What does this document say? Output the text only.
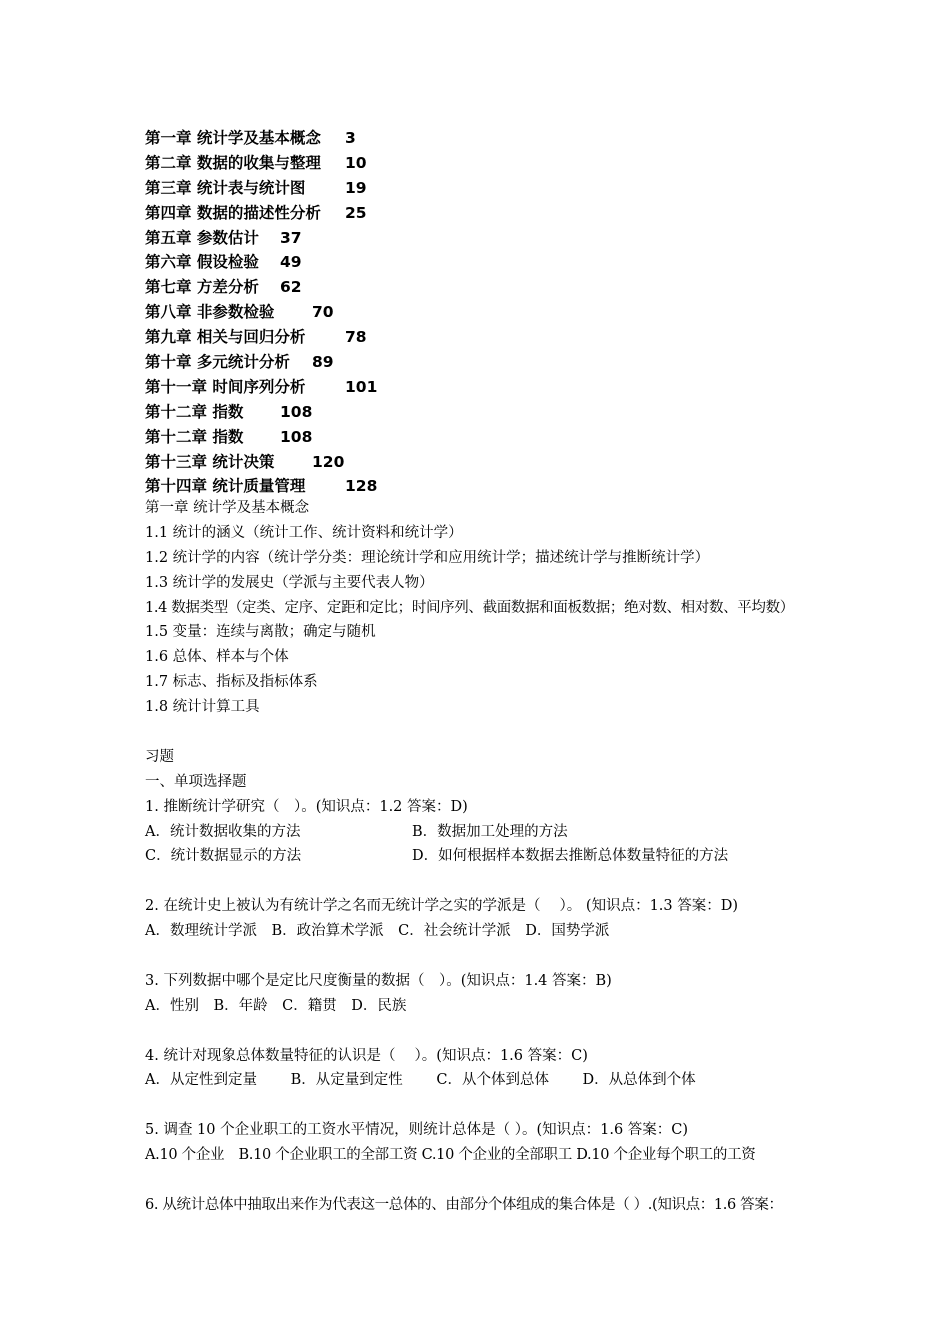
第一章 统计学及基本概念 3
第二章 数据的收集与整理 10
第三章 统计表与统计图	19
第四章 数据的描述性分析 25
第五章 参数估计 37
第六章 假设检验 49
第七章 方差分析 62
第八章 非参数检验 70
第九章 相关与回归分析	78
第十章 多元统计分析 89
第十一章 时间序列分析	101
第十二章 指数 108
第十二章 指数 108
第十三章 统计决策 120
第十四章 统计质量管理	128
第一章 统计学及基本概念
1.1 统计的涵义（统计工作、统计资料和统计学）
1.2 统计学的内容（统计学分类：理论统计学和应用统计学；描述统计学与推断统计学）
1.3 统计学的发展史（学派与主要代表人物）
1.4 数据类型（定类、定序、定距和定比；时间序列、截面数据和面板数据；绝对数、相对数、平均数）
1.5 变量：连续与离散；确定与随机
1.6 总体、样本与个体
1.7 标志、指标及指标体系
1.8 统计计算工具
习题
一、单项选择题
1. 推断统计学研究（　）。(知识点：1.2 答案：D)
A．统计数据收集的方法	B．数据加工处理的方法
C．统计数据显示的方法	D．如何根据样本数据去推断总体数量特征的方法
2. 在统计史上被认为有统计学之名而无统计学之实的学派是（　 ）。 (知识点：1.3 答案：D)
A．数理统计学派　B．政治算术学派　C．社会统计学派　D．国势学派
3. 下列数据中哪个是定比尺度衡量的数据（　）。(知识点：1.4 答案：B)
A．性别　B．年龄　C．籍贯　D．民族
4. 统计对现象总体数量特征的认识是（　 ）。(知识点：1.6 答案：C)
A．从定性到定量　　 B．从定量到定性　　 C．从个体到总体　　 D．从总体到个体
5. 调查 10 个企业职工的工资水平情况，则统计总体是（ ）。(知识点：1.6 答案：C)
A.10 个企业　B.10 个企业职工的全部工资 C.10 个企业的全部职工 D.10 个企业每个职工的工资
6. 从统计总体中抽取出来作为代表这一总体的、由部分个体组成的集合体是（ ）.(知识点：1.6 答案：
